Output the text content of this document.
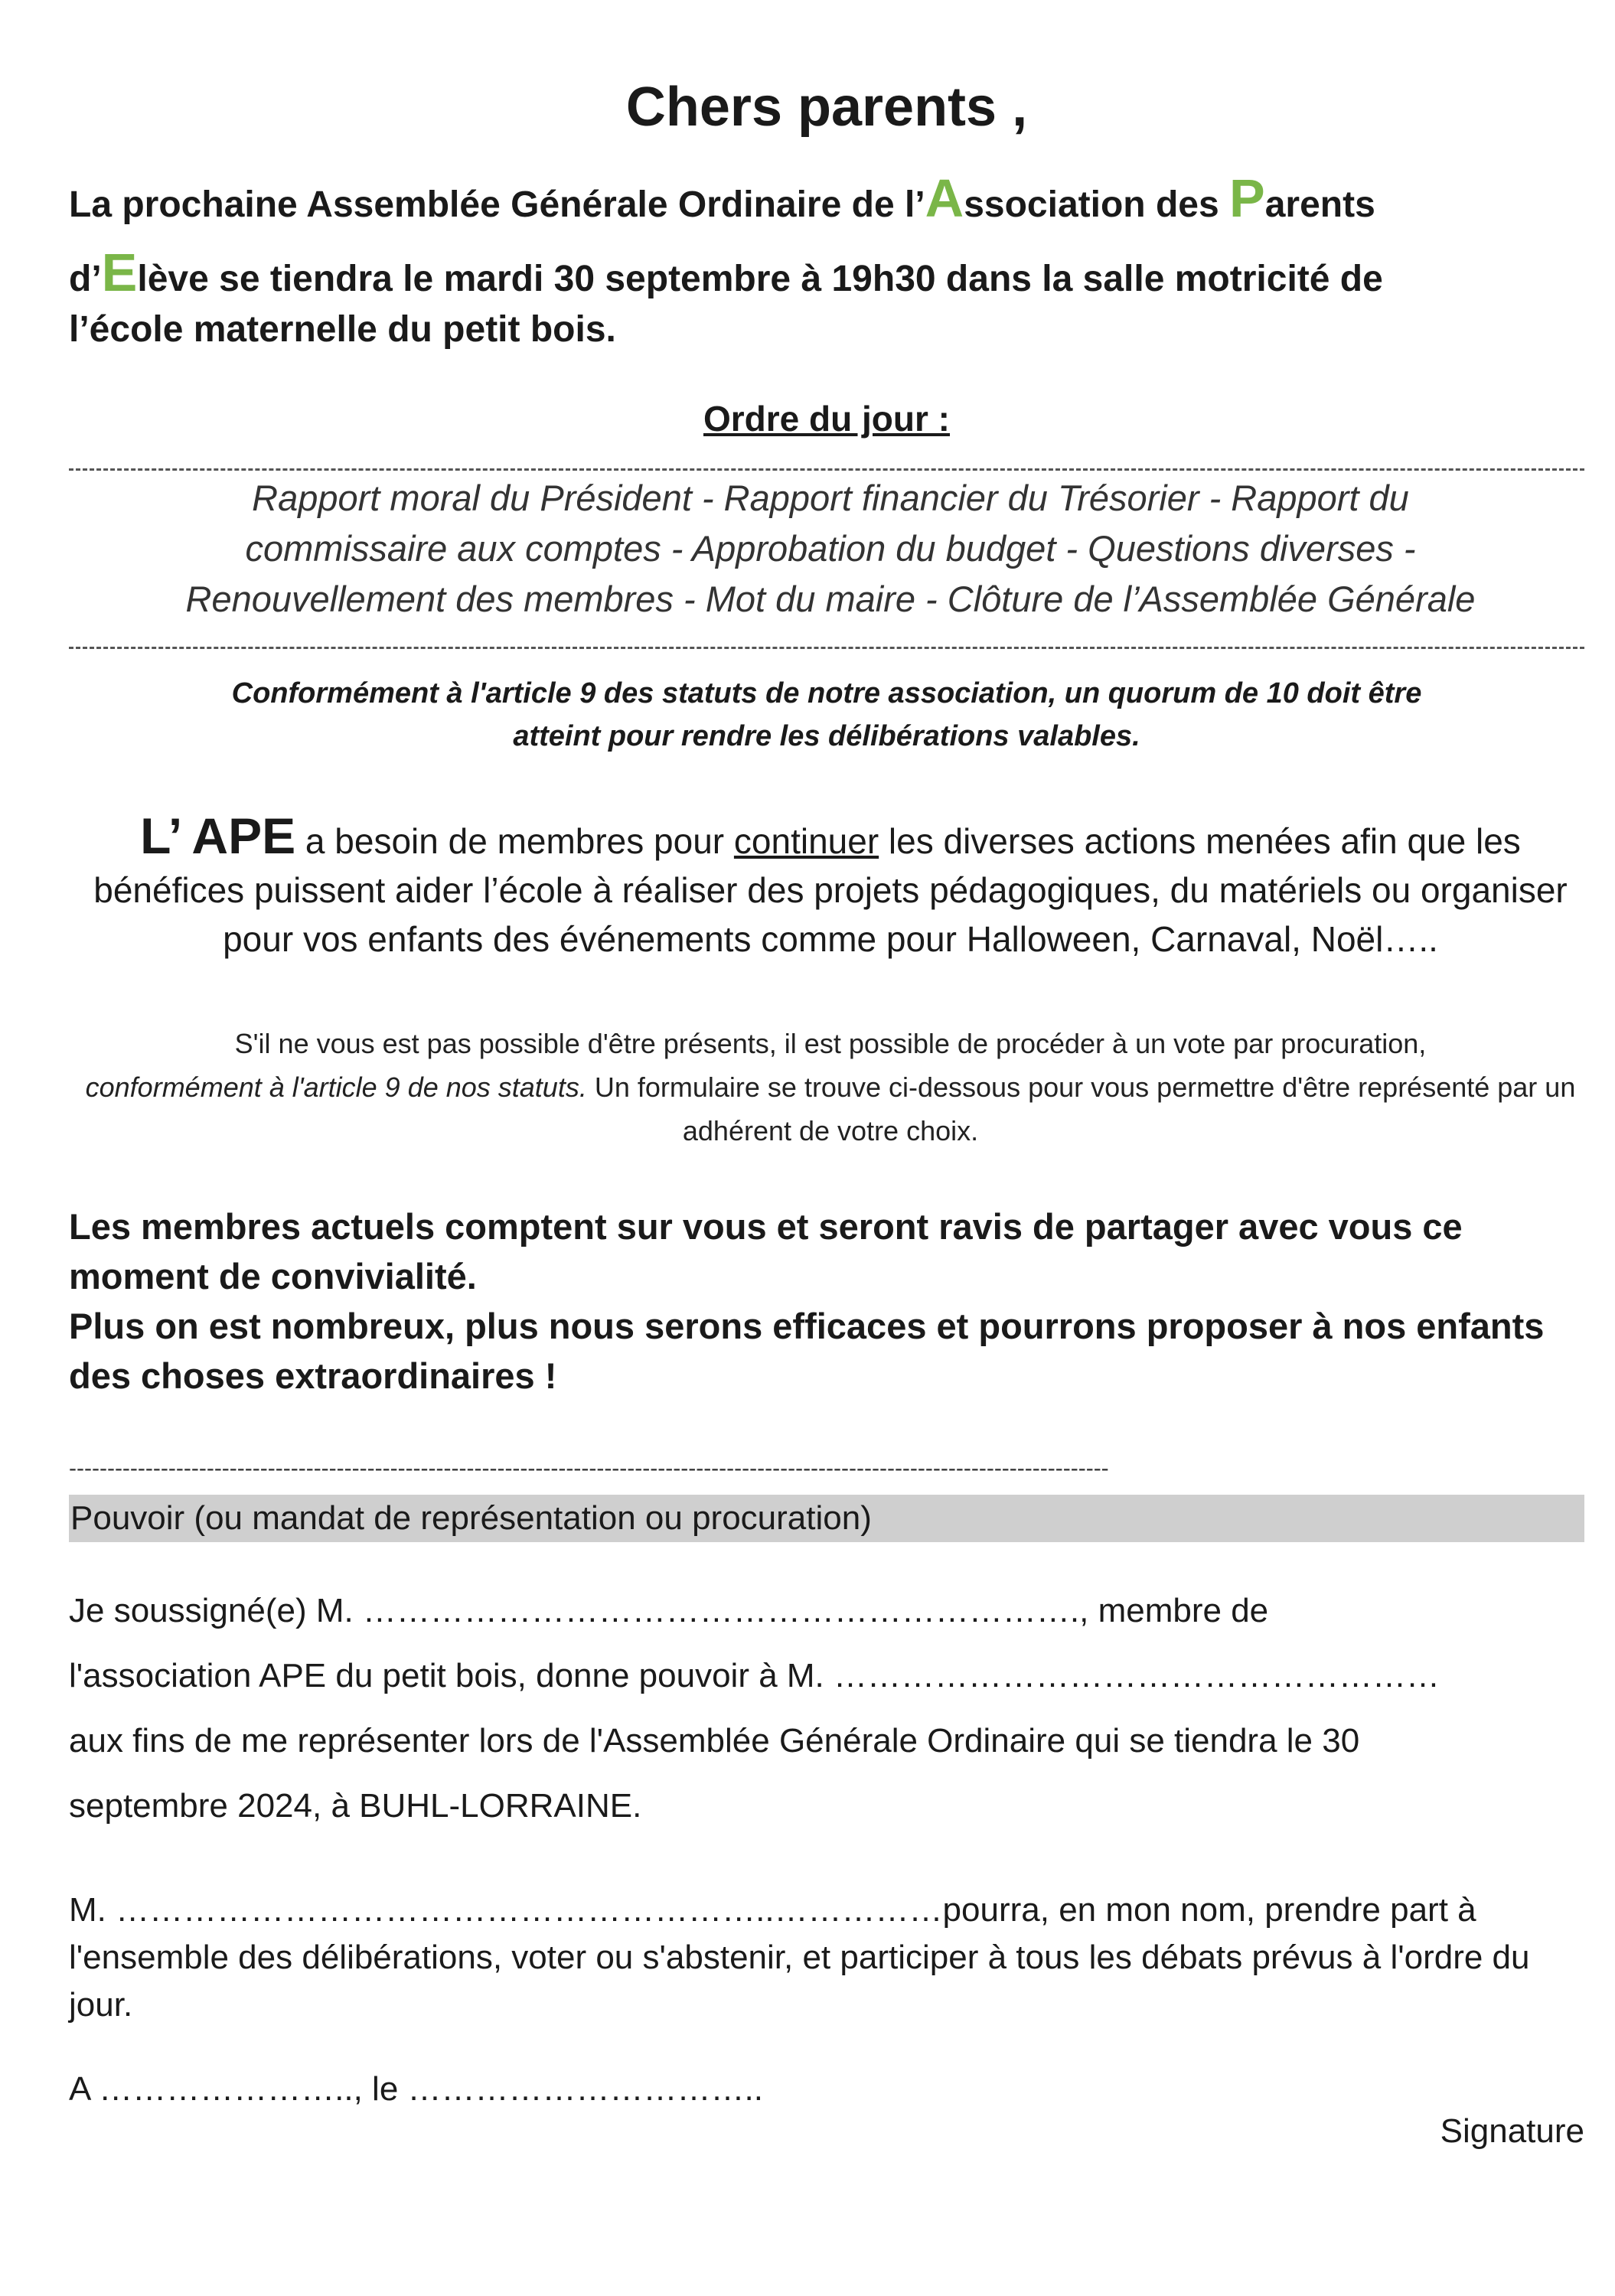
Chers parents ,

La prochaine Assemblée Générale Ordinaire de l’Association des Parents
d’Elève se tiendra le mardi 30 septembre à 19h30 dans la salle motricité de
l’école maternelle du petit bois.

Ordre du jour :

Rapport moral du Président - Rapport financier du Trésorier - Rapport du
commissaire aux comptes - Approbation du budget - Questions diverses -
Renouvellement des membres - Mot du maire - Clôture de l’Assemblée Générale

Conformément à l'article 9 des statuts de notre association, un quorum de 10 doit être
atteint pour rendre les délibérations valables.

L’ APE a besoin de membres pour continuer les diverses actions menées afin que les bénéfices puissent aider l’école à réaliser des projets pédagogiques, du matériels ou organiser pour vos enfants des événements comme pour Halloween, Carnaval, Noël…..

S'il ne vous est pas possible d'être présents, il est possible de procéder à un vote par procuration,
conformément à l'article 9 de nos statuts. Un formulaire se trouve ci-dessous pour vous permettre d'être représenté par un adhérent de votre choix.

Les membres actuels comptent sur vous et seront ravis de partager avec vous ce moment de convivialité.
Plus on est nombreux, plus nous serons efficaces et pourrons proposer à nos enfants des choses extraordinaires !

----------------------------------------------------------------------------------------------------------------------------------------

Pouvoir (ou mandat de représentation ou procuration)

Je soussigné(e) M. ………………………………………………………., membre de

l'association APE du petit bois, donne pouvoir à M. ………………………………………………

aux fins de me représenter lors de l'Assemblée Générale Ordinaire qui se tiendra le 30

septembre 2024, à BUHL-LORRAINE.

M. …………………………………………………..……………pourra, en mon nom, prendre part à l'ensemble des délibérations, voter ou s'abstenir, et participer à tous les débats prévus à l'ordre du jour.

A ………………….., le …………………………..

Signature
